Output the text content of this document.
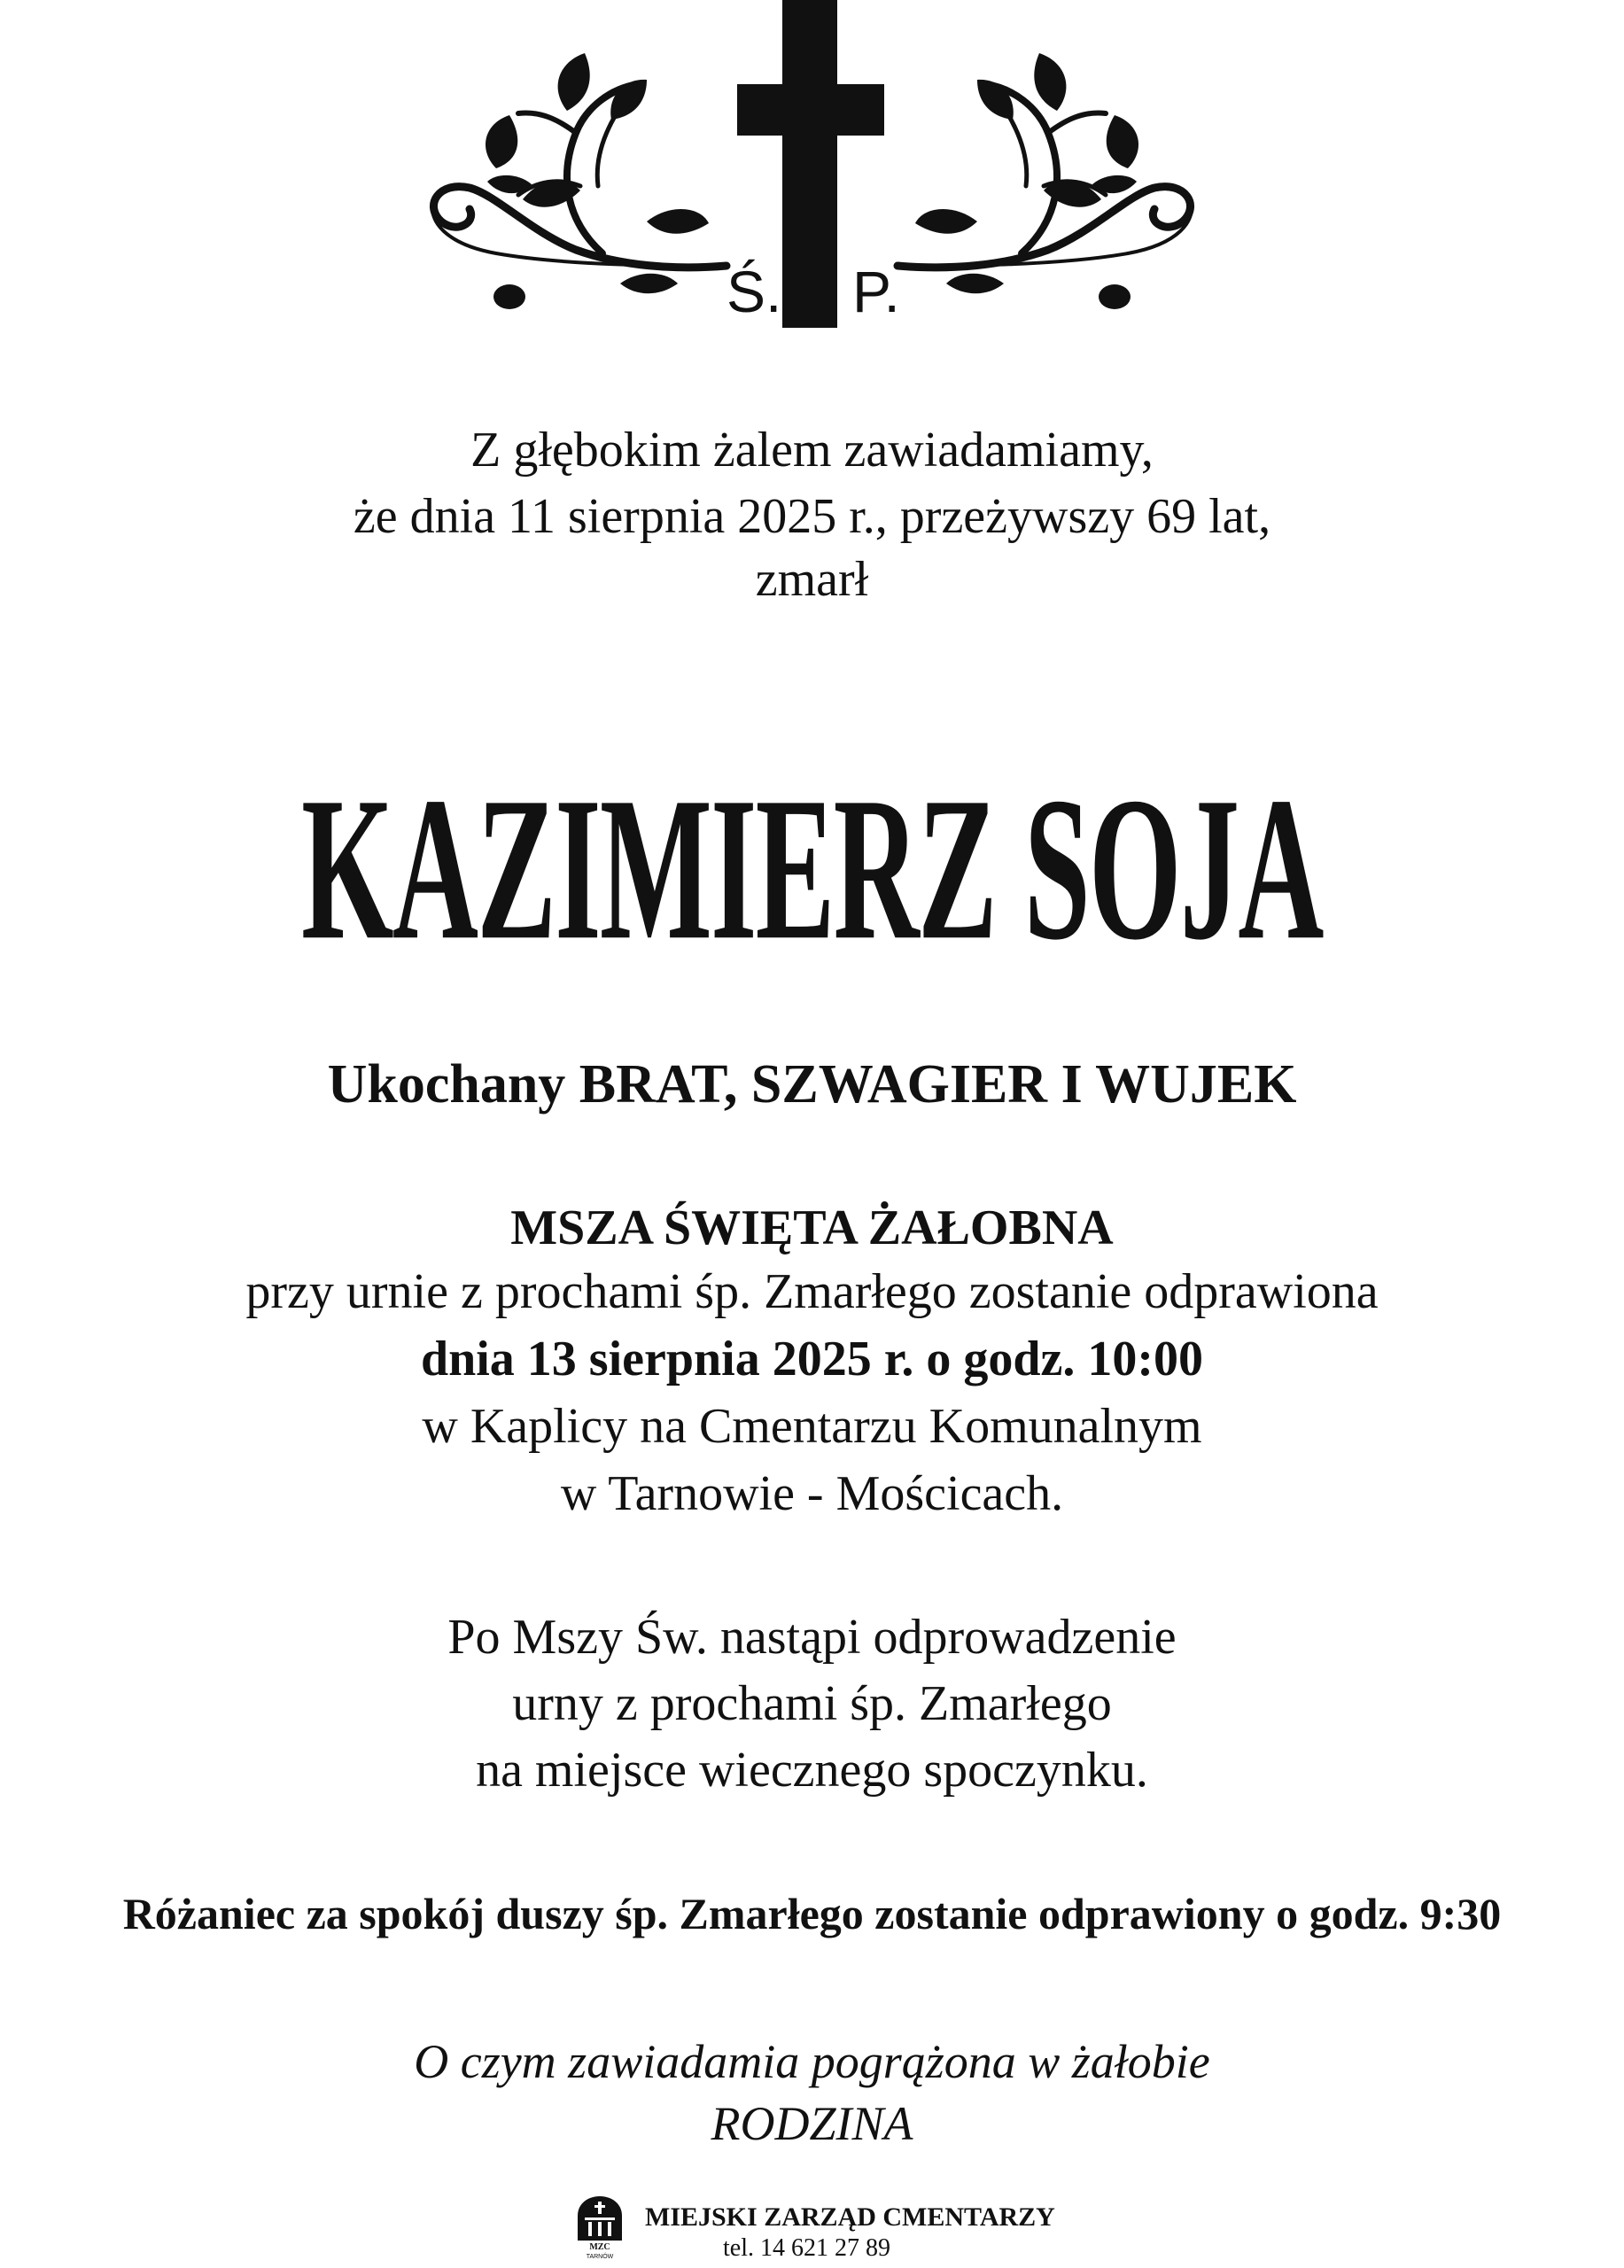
Ś. P.
Z głębokim żalem zawiadamiamy,
że dnia 11 sierpnia 2025 r., przeżywszy 69 lat,
zmarł
KAZIMIERZ SOJA
Ukochany BRAT, SZWAGIER I WUJEK
MSZA ŚWIĘTA ŻAŁOBNA
przy urnie z prochami śp. Zmarłego zostanie odprawiona
dnia 13 sierpnia 2025 r. o godz. 10:00
w Kaplicy na Cmentarzu Komunalnym
w Tarnowie - Mościcach.
Po Mszy Św. nastąpi odprowadzenie
urny z prochami śp. Zmarłego
na miejsce wiecznego spoczynku.
Różaniec za spokój duszy śp. Zmarłego zostanie odprawiony o godz. 9:30
O czym zawiadamia pogrążona w żałobie
RODZINA
MZC
TARNÓW
MIEJSKI ZARZĄD CMENTARZY
tel. 14 621 27 89
